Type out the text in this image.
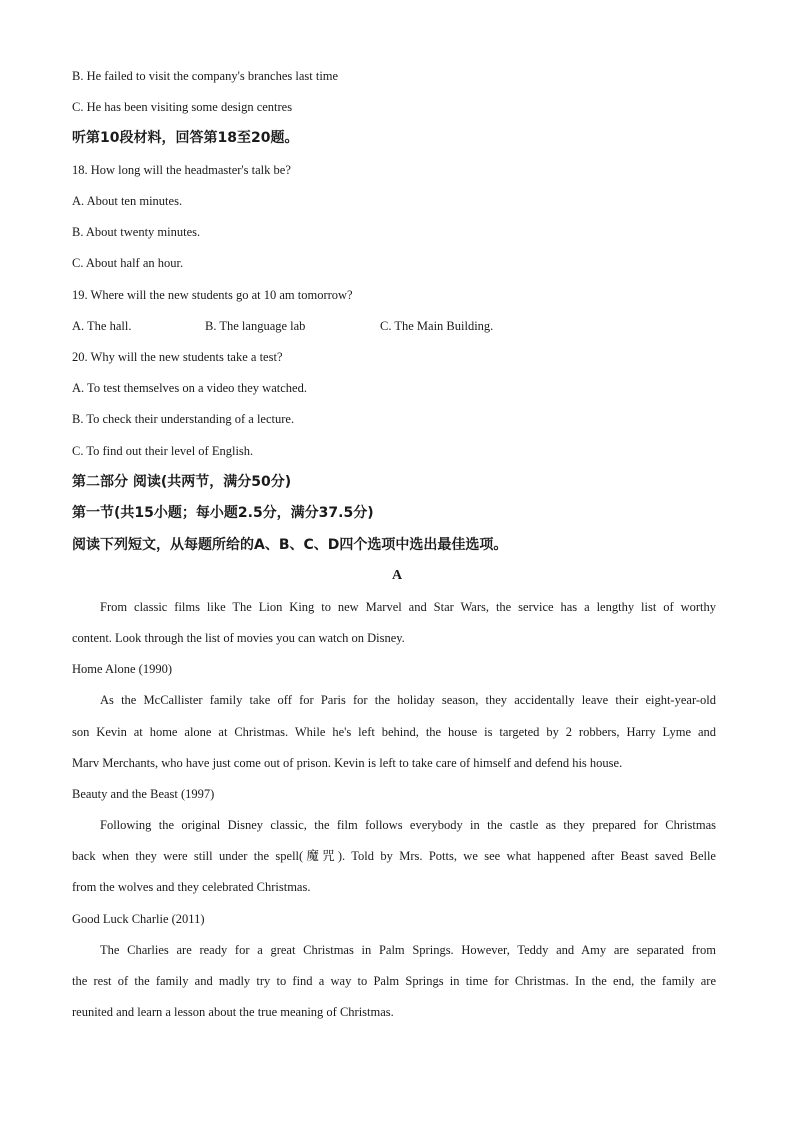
B. He failed to visit the company's branches last time
C. He has been visiting some design centres
听第10段材料，回答第18至20题。
18. How long will the headmaster's talk be?
A. About ten minutes.
B. About twenty minutes.
C. About half an hour.
19. Where will the new students go at 10 am tomorrow?
A. The hall.	B. The language lab	C. The Main Building.
20. Why will the new students take a test?
A. To test themselves on a video they watched.
B. To check their understanding of a lecture.
C. To find out their level of English.
第二部分 阅读(共两节，满分50分)
第一节(共15小题；每小题2.5分，满分37.5分)
阅读下列短文，从每题所给的A、B、C、D四个选项中选出最佳选项。
A
From classic films like The Lion King to new Marvel and Star Wars, the service has a lengthy list of worthy
content. Look through the list of movies you can watch on Disney.
Home Alone (1990)
As the McCallister family take off for Paris for the holiday season, they accidentally leave their eight-year-old
son Kevin at home alone at Christmas. While he's left behind, the house is targeted by 2 robbers, Harry Lyme and
Marv Merchants, who have just come out of prison. Kevin is left to take care of himself and defend his house.
Beauty and the Beast (1997)
Following the original Disney classic, the film follows everybody in the castle as they prepared for Christmas
back when they were still under the spell(魔咒). Told by Mrs. Potts, we see what happened after Beast saved Belle
from the wolves and they celebrated Christmas.
Good Luck Charlie (2011)
The Charlies are ready for a great Christmas in Palm Springs. However, Teddy and Amy are separated from
the rest of the family and madly try to find a way to Palm Springs in time for Christmas. In the end, the family are
reunited and learn a lesson about the true meaning of Christmas.
